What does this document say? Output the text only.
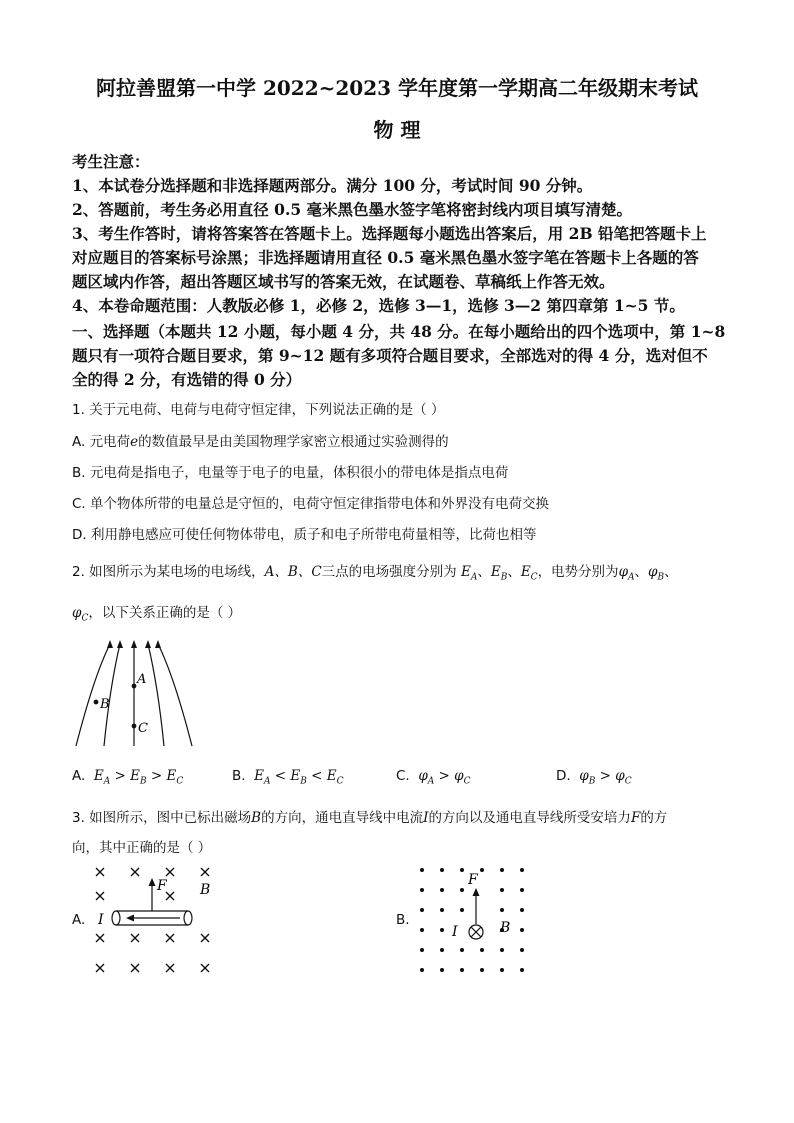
阿拉善盟第一中学 2022~2023 学年度第一学期高二年级期末考试
物 理
考生注意：
1、本试卷分选择题和非选择题两部分。满分 100 分，考试时间 90 分钟。
2、答题前，考生务必用直径 0.5 毫米黑色墨水签字笔将密封线内项目填写清楚。
3、考生作答时，请将答案答在答题卡上。选择题每小题选出答案后，用 2B 铅笔把答题卡上
对应题目的答案标号涂黑；非选择题请用直径 0.5 毫米黑色墨水签字笔在答题卡上各题的答
题区域内作答，超出答题区域书写的答案无效，在试题卷、草稿纸上作答无效。
4、本卷命题范围：人教版必修 1，必修 2，选修 3—1，选修 3—2 第四章第 1~5 节。
一、选择题（本题共 12 小题，每小题 4 分，共 48 分。在每小题给出的四个选项中，第 1~8
题只有一项符合题目要求，第 9~12 题有多项符合题目要求，全部选对的得 4 分，选对但不
全的得 2 分，有选错的得 0 分）
1. 关于元电荷、电荷与电荷守恒定律，下列说法正确的是（ ）
A. 元电荷e的数值最早是由美国物理学家密立根通过实验测得的
B. 元电荷是指电子，电量等于电子的电量，体积很小的带电体是指点电荷
C. 单个物体所带的电量总是守恒的，电荷守恒定律指带电体和外界没有电荷交换
D. 利用静电感应可使任何物体带电，质子和电子所带电荷量相等，比荷也相等
2. 如图所示为某电场的电场线，A、B、C三点的电场强度分别为 $E_A$、$E_B$、$E_C$，电势分别为$\varphi_A$、$\varphi_B$、
$\varphi_C$，以下关系正确的是（ ）
A
B
C
A. $E_A > E_B > E_C$	B. $E_A < E_B < E_C$	C. $\varphi_A > \varphi_C$	D. $\varphi_B > \varphi_C$
3. 如图所示，图中已标出磁场B的方向，通电直导线中电流I的方向以及通电直导线所受安培力F的方
向，其中正确的是（ ）
A.
F B
I	B.
F
I	B
